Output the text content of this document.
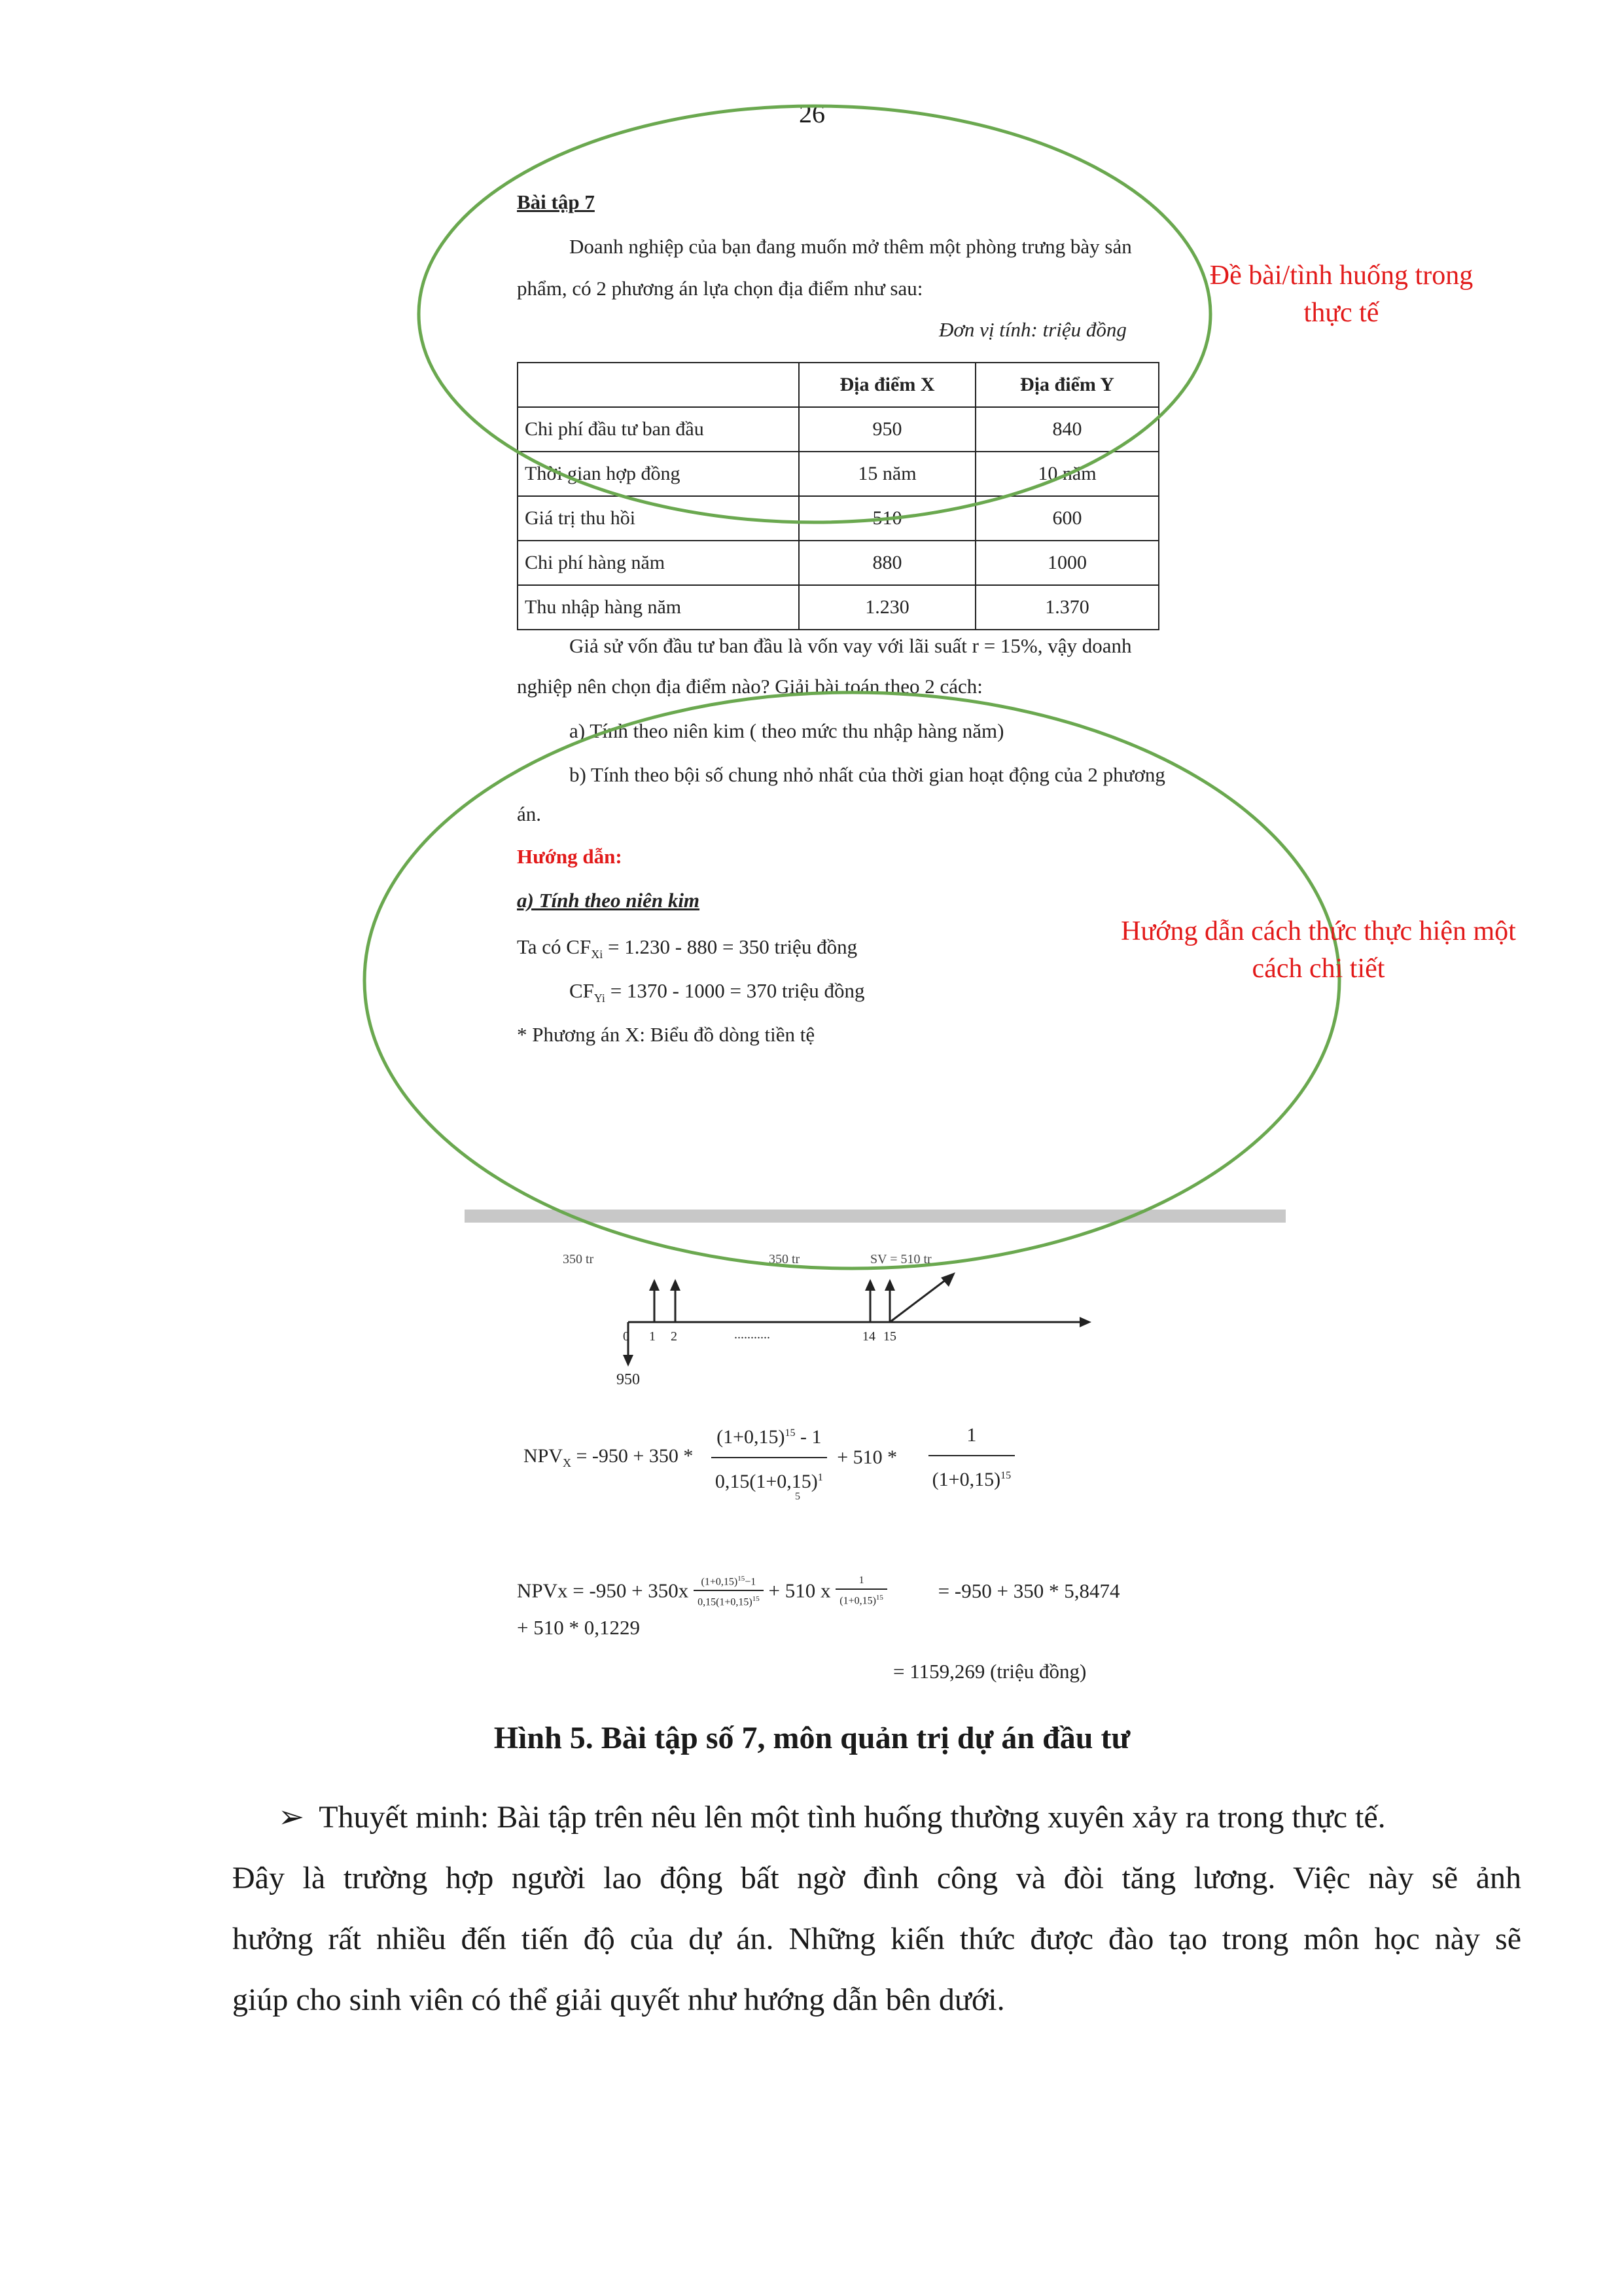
26
Bài tập 7
Doanh nghiệp của bạn đang muốn mở thêm một phòng trưng bày sản
phẩm, có 2 phương án lựa chọn địa điểm như sau:
Đơn vị tính: triệu đồng
	Địa điểm X	Địa điểm Y
Chi phí đầu tư ban đầu	950	840
Thời gian hợp đồng	15 năm	10 năm
Giá trị thu hồi	510	600
Chi phí hàng năm	880	1000
Thu nhập hàng năm	1.230	1.370
Giả sử vốn đầu tư ban đầu là vốn vay với lãi suất r = 15%, vậy doanh
nghiệp nên chọn địa điểm nào? Giải bài toán theo 2 cách:
a) Tính theo niên kim ( theo mức thu nhập hàng năm)
b) Tính theo bội số chung nhỏ nhất của thời gian hoạt động của 2 phương
án.
Hướng dẫn:
a) Tính theo niên kim
Ta có $CF_{Xi} = 1.230 - 880 = 350$ triệu đồng
$CF_{Yi} = 1370 - 1000 = 370$ triệu đồng
* Phương án X: Biểu đồ dòng tiền tệ
350 tr	350 tr	SV = 510 tr
0 1 2	...........	14 15
950
$NPV_X = -950 + 350 * \frac{(1+0,15)^{15} - 1}{0,15(1+0,15)^1} + 510 * \frac{1}{(1+0,15)^{15}}$
5
NPVx = $-950 + 350x \frac{(1+0,15)^{15}-1}{0,15(1+0,15)^{15}} + 510$ x $\frac{1}{(1+0,15)^{15}}$	= -950 + 350 * 5,8474
+ 510 * 0,1229
= 1159,269 (triệu đồng)
Đề bài/tình huống trong
thực tế
Hướng dẫn cách thức thực hiện một
cách chi tiết
Hình 5. Bài tập số 7, môn quản trị dự án đầu tư
➢ Thuyết minh: Bài tập trên nêu lên một tình huống thường xuyên xảy ra trong thực tế.
Đây là trường hợp người lao động bất ngờ đình công và đòi tăng lương. Việc này sẽ ảnh
hưởng rất nhiều đến tiến độ của dự án. Những kiến thức được đào tạo trong môn học này sẽ
giúp cho sinh viên có thể giải quyết như hướng dẫn bên dưới.
